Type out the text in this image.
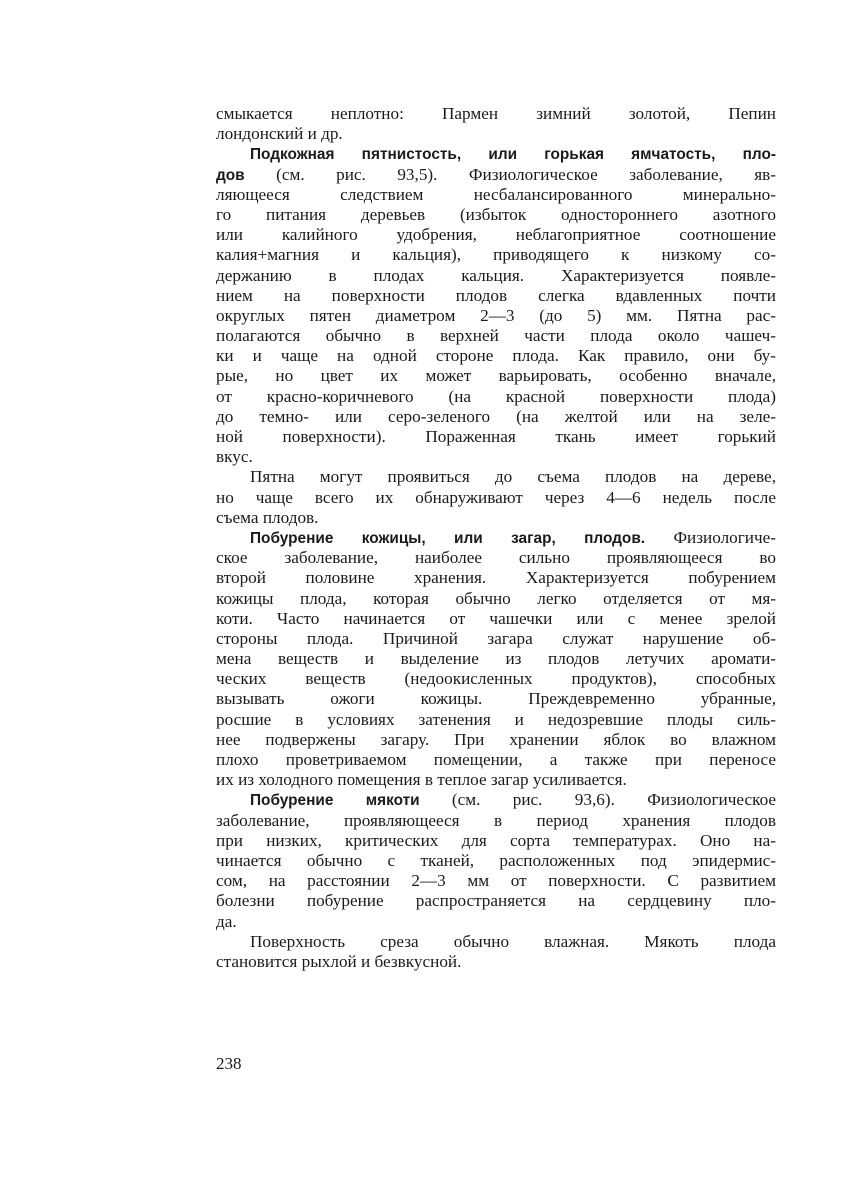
смыкается неплотно: Пармен зимний золотой, Пепин
лондонский и др.
Подкожная пятнистость, или горькая ямчатость, пло-
дов (см. рис. 93,5). Физиологическое заболевание, яв-
ляющееся следствием несбалансированного минерально-
го питания деревьев (избыток одностороннего азотного
или калийного удобрения, неблагоприятное соотношение
калия+магния и кальция), приводящего к низкому со-
держанию в плодах кальция. Характеризуется появле-
нием на поверхности плодов слегка вдавленных почти
округлых пятен диаметром 2—3 (до 5) мм. Пятна рас-
полагаются обычно в верхней части плода около чашеч-
ки и чаще на одной стороне плода. Как правило, они бу-
рые, но цвет их может варьировать, особенно вначале,
от красно-коричневого (на красной поверхности плода)
до темно- или серо-зеленого (на желтой или на зеле-
ной поверхности). Пораженная ткань имеет горький
вкус.
Пятна могут проявиться до съема плодов на дереве,
но чаще всего их обнаруживают через 4—6 недель после
съема плодов.
Побурение кожицы, или загар, плодов. Физиологиче-
ское заболевание, наиболее сильно проявляющееся во
второй половине хранения. Характеризуется побурением
кожицы плода, которая обычно легко отделяется от мя-
коти. Часто начинается от чашечки или с менее зрелой
стороны плода. Причиной загара служат нарушение об-
мена веществ и выделение из плодов летучих аромати-
ческих веществ (недоокисленных продуктов), способных
вызывать ожоги кожицы. Преждевременно убранные,
росшие в условиях затенения и недозревшие плоды силь-
нее подвержены загару. При хранении яблок во влажном
плохо проветриваемом помещении, а также при переносе
их из холодного помещения в теплое загар усиливается.
Побурение мякоти (см. рис. 93,6). Физиологическое
заболевание, проявляющееся в период хранения плодов
при низких, критических для сорта температурах. Оно на-
чинается обычно с тканей, расположенных под эпидермис-
сом, на расстоянии 2—3 мм от поверхности. С развитием
болезни побурение распространяется на сердцевину пло-
да.
Поверхность среза обычно влажная. Мякоть плода
становится рыхлой и безвкусной.
238
